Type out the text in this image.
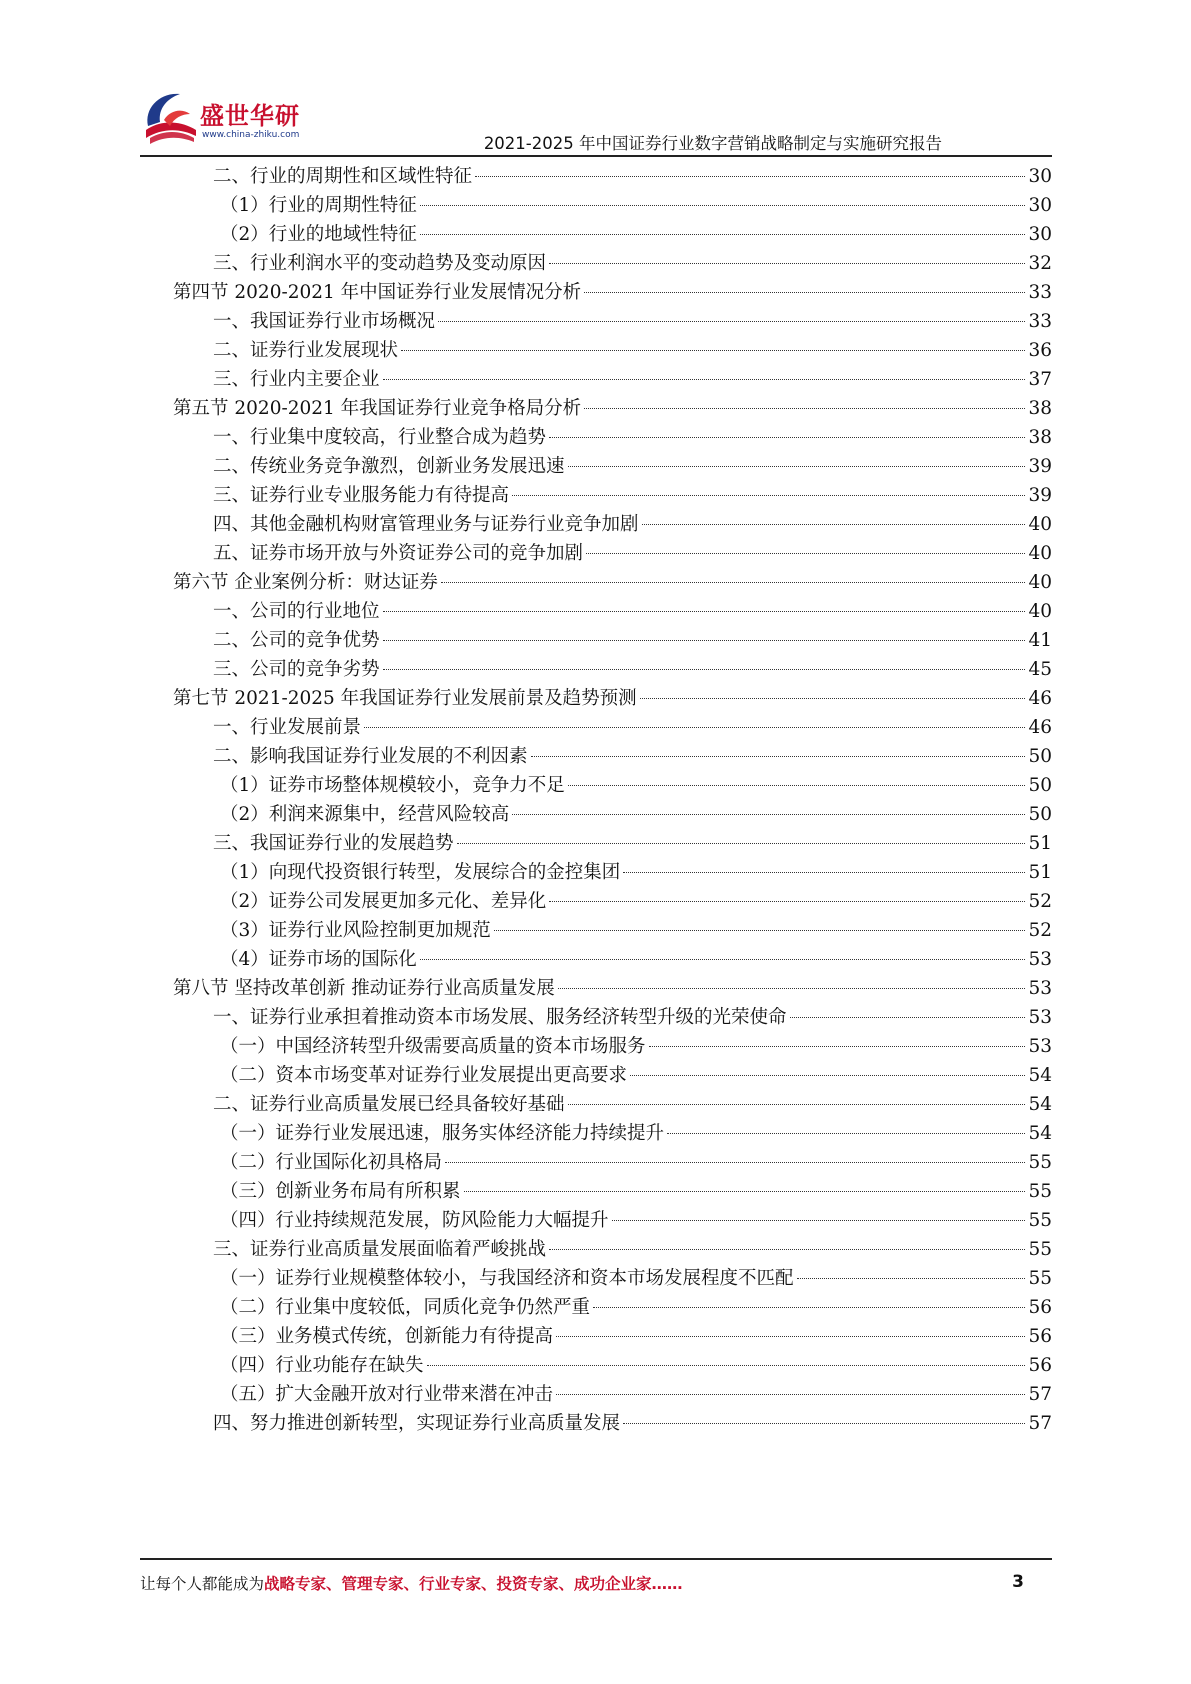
盛世华研
www.china-zhiku.com	2021-2025 年中国证券行业数字营销战略制定与实施研究报告
二、行业的周期性和区域性特征	30
（1）行业的周期性特征	30
（2）行业的地域性特征	30
三、行业利润水平的变动趋势及变动原因	32
第四节 2020-2021 年中国证券行业发展情况分析	33
一、我国证券行业市场概况	33
二、证券行业发展现状	36
三、行业内主要企业	37
第五节 2020-2021 年我国证券行业竞争格局分析	38
一、行业集中度较高，行业整合成为趋势	38
二、传统业务竞争激烈，创新业务发展迅速	39
三、证券行业专业服务能力有待提高	39
四、其他金融机构财富管理业务与证券行业竞争加剧	40
五、证券市场开放与外资证券公司的竞争加剧	40
第六节 企业案例分析：财达证券	40
一、公司的行业地位	40
二、公司的竞争优势	41
三、公司的竞争劣势	45
第七节 2021-2025 年我国证券行业发展前景及趋势预测	46
一、行业发展前景	46
二、影响我国证券行业发展的不利因素	50
（1）证券市场整体规模较小，竞争力不足	50
（2）利润来源集中，经营风险较高	50
三、我国证券行业的发展趋势	51
（1）向现代投资银行转型，发展综合的金控集团	51
（2）证券公司发展更加多元化、差异化	52
（3）证券行业风险控制更加规范	52
（4）证券市场的国际化	53
第八节 坚持改革创新 推动证券行业高质量发展	53
一、证券行业承担着推动资本市场发展、服务经济转型升级的光荣使命	53
（一）中国经济转型升级需要高质量的资本市场服务	53
（二）资本市场变革对证券行业发展提出更高要求	54
二、证券行业高质量发展已经具备较好基础	54
（一）证券行业发展迅速，服务实体经济能力持续提升	54
（二）行业国际化初具格局	55
（三）创新业务布局有所积累	55
（四）行业持续规范发展，防风险能力大幅提升	55
三、证券行业高质量发展面临着严峻挑战	55
（一）证券行业规模整体较小，与我国经济和资本市场发展程度不匹配	55
（二）行业集中度较低，同质化竞争仍然严重	56
（三）业务模式传统，创新能力有待提高	56
（四）行业功能存在缺失	56
（五）扩大金融开放对行业带来潜在冲击	57
四、努力推进创新转型，实现证券行业高质量发展	57
让每个人都能成为战略专家、管理专家、行业专家、投资专家、成功企业家……	3
